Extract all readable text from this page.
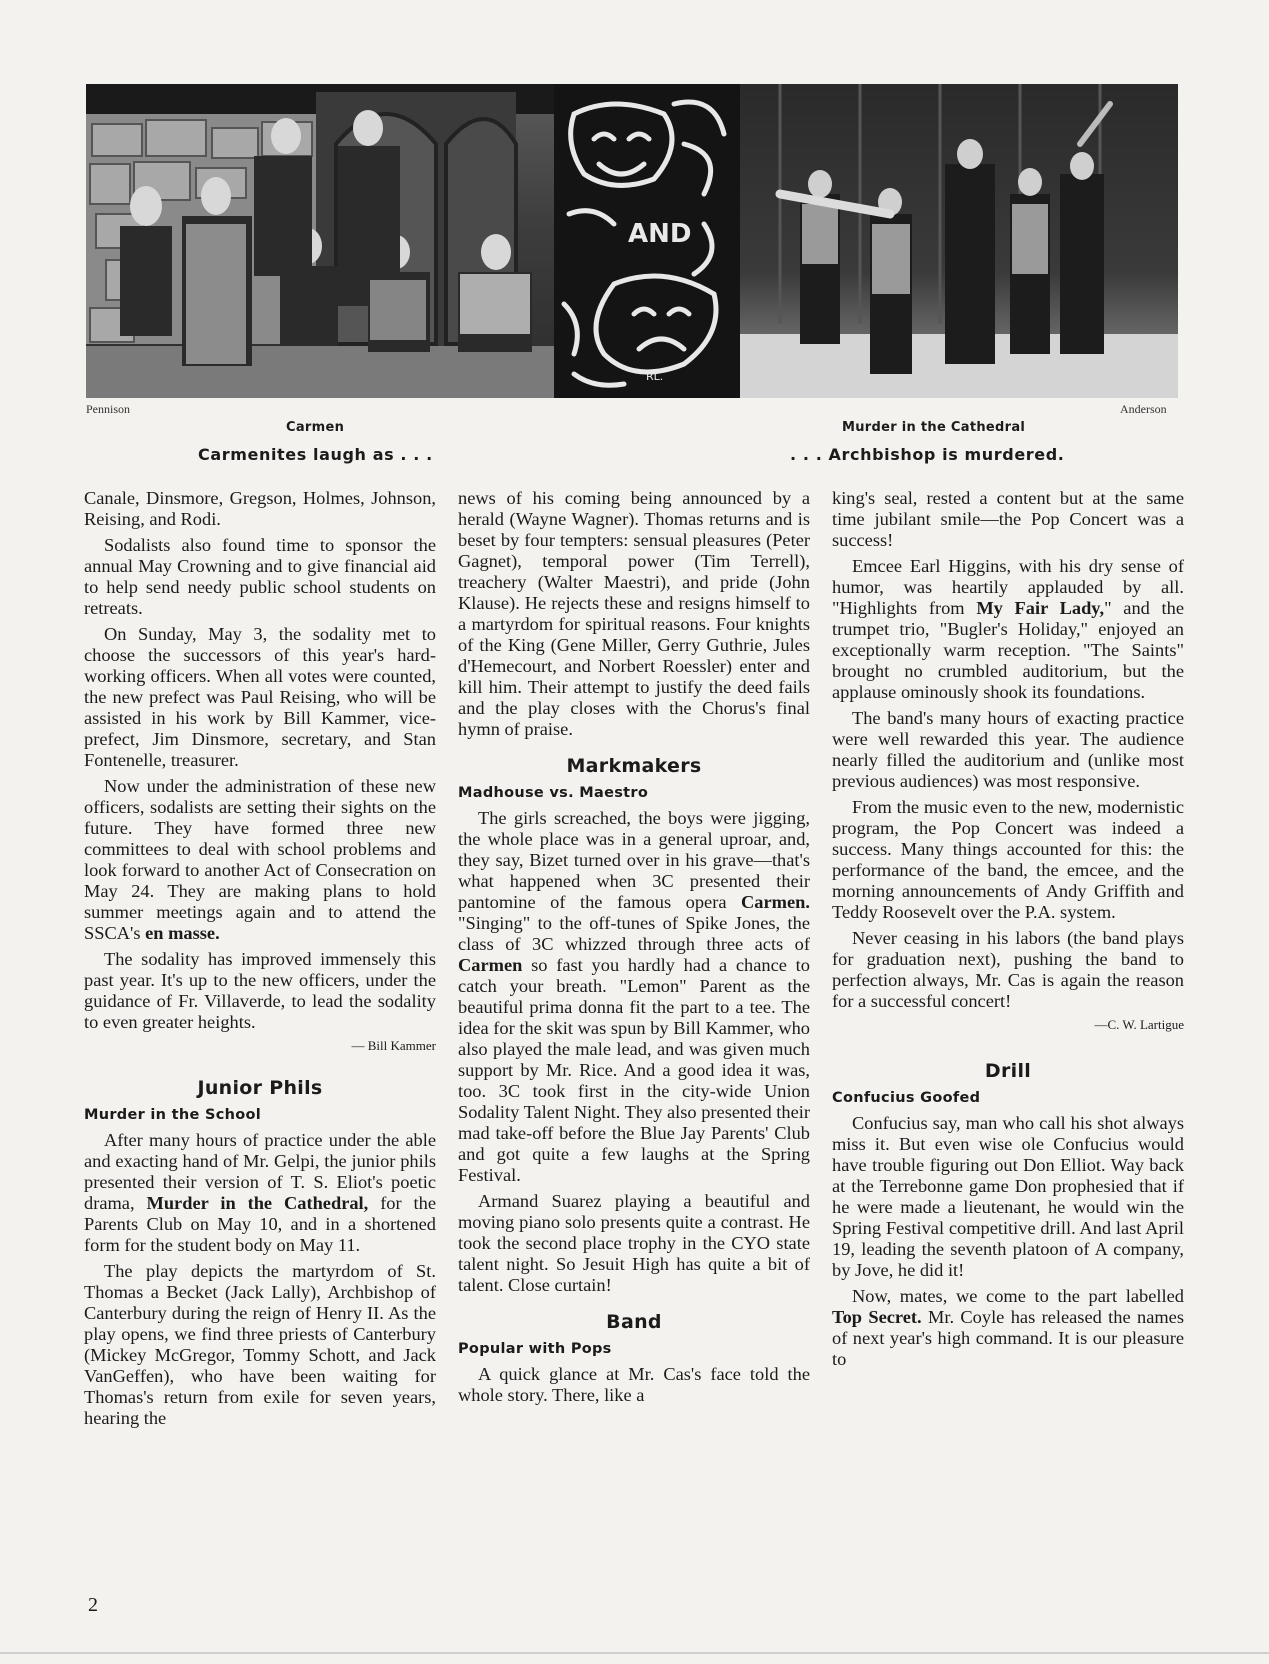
AND
RL.
Pennison	Anderson
Carmen
Carmenites laugh as . . .
Murder in the Cathedral
. . . Archbishop is murdered.

Canale, Dinsmore, Gregson, Holmes, Johnson, Reising, and Rodi.

Sodalists also found time to sponsor the annual May Crowning and to give financial aid to help send needy public school students on retreats.

On Sunday, May 3, the sodality met to choose the successors of this year's hard-working officers. When all votes were counted, the new prefect was Paul Reising, who will be assisted in his work by Bill Kammer, vice-prefect, Jim Dinsmore, secretary, and Stan Fontenelle, treasurer.

Now under the administration of these new officers, sodalists are setting their sights on the future. They have formed three new committees to deal with school problems and look forward to another Act of Consecration on May 24. They are making plans to hold summer meetings again and to attend the SSCA's en masse.

The sodality has improved immensely this past year. It's up to the new officers, under the guidance of Fr. Villaverde, to lead the sodality to even greater heights.

— Bill Kammer
Junior Phils
Murder in the School

After many hours of practice under the able and exacting hand of Mr. Gelpi, the junior phils presented their version of T. S. Eliot's poetic drama, Murder in the Cathedral, for the Parents Club on May 10, and in a shortened form for the student body on May 11.

The play depicts the martyrdom of St. Thomas a Becket (Jack Lally), Archbishop of Canterbury during the reign of Henry II. As the play opens, we find three priests of Canterbury (Mickey McGregor, Tommy Schott, and Jack VanGeffen), who have been waiting for Thomas's return from exile for seven years, hearing the

news of his coming being announced by a herald (Wayne Wagner). Thomas returns and is beset by four tempters: sensual pleasures (Peter Gagnet), temporal power (Tim Terrell), treachery (Walter Maestri), and pride (John Klause). He rejects these and resigns himself to a martyrdom for spiritual reasons. Four knights of the King (Gene Miller, Gerry Guthrie, Jules d'Hemecourt, and Norbert Roessler) enter and kill him. Their attempt to justify the deed fails and the play closes with the Chorus's final hymn of praise.

Markmakers
Madhouse vs. Maestro

The girls screached, the boys were jigging, the whole place was in a general uproar, and, they say, Bizet turned over in his grave—that's what happened when 3C presented their pantomine of the famous opera Carmen. "Singing" to the off-tunes of Spike Jones, the class of 3C whizzed through three acts of Carmen so fast you hardly had a chance to catch your breath. "Lemon" Parent as the beautiful prima donna fit the part to a tee. The idea for the skit was spun by Bill Kammer, who also played the male lead, and was given much support by Mr. Rice. And a good idea it was, too. 3C took first in the city-wide Union Sodality Talent Night. They also presented their mad take-off before the Blue Jay Parents' Club and got quite a few laughs at the Spring Festival.

Armand Suarez playing a beautiful and moving piano solo presents quite a contrast. He took the second place trophy in the CYO state talent night. So Jesuit High has quite a bit of talent. Close curtain!

Band
Popular with Pops

A quick glance at Mr. Cas's face told the whole story. There, like a

king's seal, rested a content but at the same time jubilant smile—the Pop Concert was a success!

Emcee Earl Higgins, with his dry sense of humor, was heartily applauded by all. "Highlights from My Fair Lady," and the trumpet trio, "Bugler's Holiday," enjoyed an exceptionally warm reception. "The Saints" brought no crumbled auditorium, but the applause ominously shook its foundations.

The band's many hours of exacting practice were well rewarded this year. The audience nearly filled the auditorium and (unlike most previous audiences) was most responsive.

From the music even to the new, modernistic program, the Pop Concert was indeed a success. Many things accounted for this: the performance of the band, the emcee, and the morning announcements of Andy Griffith and Teddy Roosevelt over the P.A. system.

Never ceasing in his labors (the band plays for graduation next), pushing the band to perfection always, Mr. Cas is again the reason for a successful concert!

—C. W. Lartigue
Drill
Confucius Goofed

Confucius say, man who call his shot always miss it. But even wise ole Confucius would have trouble figuring out Don Elliot. Way back at the Terrebonne game Don prophesied that if he were made a lieutenant, he would win the Spring Festival competitive drill. And last April 19, leading the seventh platoon of A company, by Jove, he did it!

Now, mates, we come to the part labelled Top Secret. Mr. Coyle has released the names of next year's high command. It is our pleasure to

2
